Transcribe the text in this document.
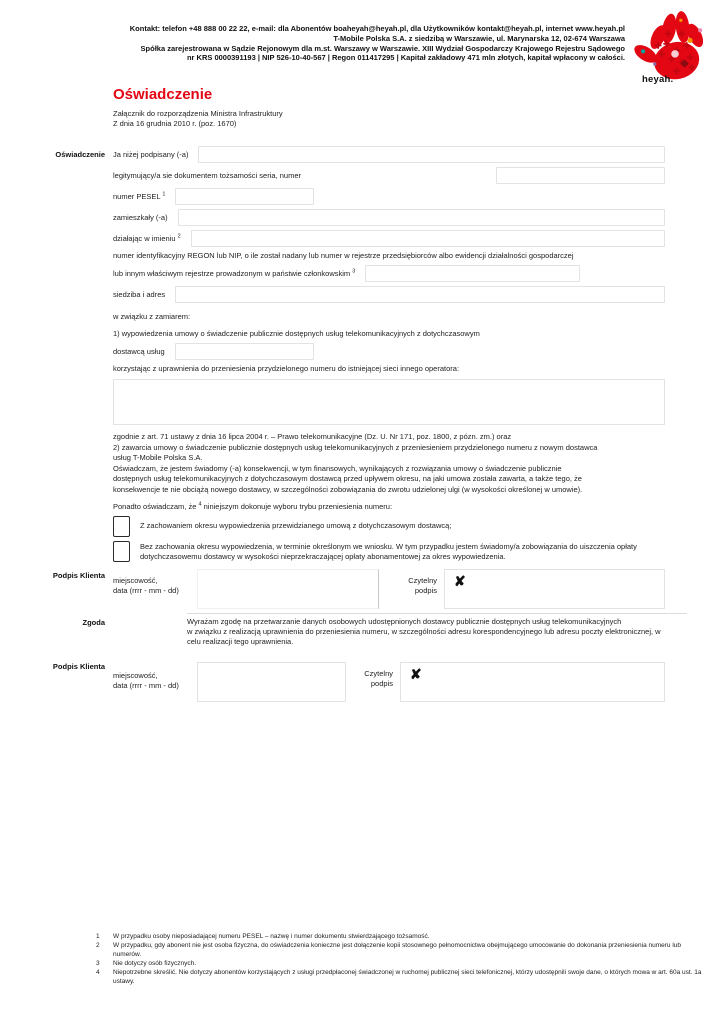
Kontakt: telefon +48 888 00 22 22, e-mail: dla Abonentów boaheyah@heyah.pl, dla Użytkowników kontakt@heyah.pl, internet www.heyah.pl
T-Mobile Polska S.A. z siedzibą w Warszawie, ul. Marynarska 12, 02-674 Warszawa
Spółka zarejestrowana w Sądzie Rejonowym dla m.st. Warszawy w Warszawie. XIII Wydział Gospodarczy Krajowego Rejestru Sądowego
nr KRS 0000391193 | NIP 526-10-40-567 | Regon 011417295 | Kapitał zakładowy 471 mln złotych, kapitał wpłacony w całości.
heyah.
Oświadczenie
Załącznik do rozporządzenia Ministra Infrastruktury
Z dnia 16 grudnia 2010 r. (poz. 1670)
Oświadczenie Ja niżej podpisany (-a)
legitymujący/a sie dokumentem tożsamości seria, numer
numer PESEL $^1$
zamieszkały (-a)
działając w imieniu $^2$
numer identyfikacyjny REGON lub NIP, o ile został nadany lub numer w rejestrze przedsiębiorców albo ewidencji działalności gospodarczej
lub innym właściwym rejestrze prowadzonym w państwie członkowskim $^3$
siedziba i adres
w związku z zamiarem:
1) wypowiedzenia umowy o świadczenie publicznie dostępnych usług telekomunikacyjnych z dotychczasowym
dostawcą usług
korzystając z uprawnienia do przeniesienia przydzielonego numeru do istniejącej sieci innego operatora:
zgodnie z art. 71 ustawy z dnia 16 lipca 2004 r. – Prawo telekomunikacyjne (Dz. U. Nr 171, poz. 1800, z pózn. zm.) oraz
2) zawarcia umowy o świadczenie publicznie dostępnych usług telekomunikacyjnych z przeniesieniem przydzielonego numeru z nowym dostawca
usług T-Mobile Polska S.A.
Oświadczam, że jestem świadomy (-a) konsekwencji, w tym finansowych, wynikających z rozwiązania umowy o świadczenie publicznie
dostępnych usług telekomunikacyjnych z dotychczasowym dostawcą przed upływem okresu, na jaki umowa została zawarta, a także tego, że
konsekwencje te nie obciążą nowego dostawcy, w szczególności zobowiązania do zwrotu udzielonej ulgi (w wysokości określonej w umowie).
Ponadto oświadczam, że $^4$ niniejszym dokonuje wyboru trybu przeniesienia numeru:
Z zachowaniem okresu wypowiedzenia przewidzianego umową z dotychczasowym dostawcą;
Bez zachowania okresu wypowiedzenia, w terminie określonym we wniosku. W tym przypadku jestem świadomy/a zobowiązania do uiszczenia opłaty dotychczasowemu dostawcy w wysokości nieprzekraczającej opłaty abonamentowej za okres wypowiedzenia.
Podpis Klienta
miejscowość,
data (rrrr - mm - dd)
Czytelny
podpis
✘
Zgoda	Wyrażam zgodę na przetwarzanie danych osobowych udostępnionych dostawcy publicznie dostępnych usług telekomunikacyjnych
w związku z realizacją uprawnienia do przeniesienia numeru, w szczególności adresu korespondencyjnego lub adresu poczty elektronicznej, w
celu realizacji tego uprawnienia.
Podpis Klienta
miejscowość,
data (rrrr - mm - dd)
Czytelny
podpis
✘
1	W przypadku osoby nieposiadającej numeru PESEL – nazwę i numer dokumentu stwierdzającego tożsamość.
2	W przypadku, gdy abonent nie jest osoba fizyczna, do oświadczenia konieczne jest dołączenie kopii stosownego pełnomocnictwa obejmującego umocowanie do dokonania przeniesienia numeru lub numerów.
3	Nie dotyczy osób fizycznych.
4	Niepotrzebne skreślić. Nie dotyczy abonentów korzystających z usługi przedpłaconej świadczonej w ruchomej publicznej sieci telefonicznej, którzy udostępnili swoje dane, o których mowa w art. 60a ust. 1a ustawy.
